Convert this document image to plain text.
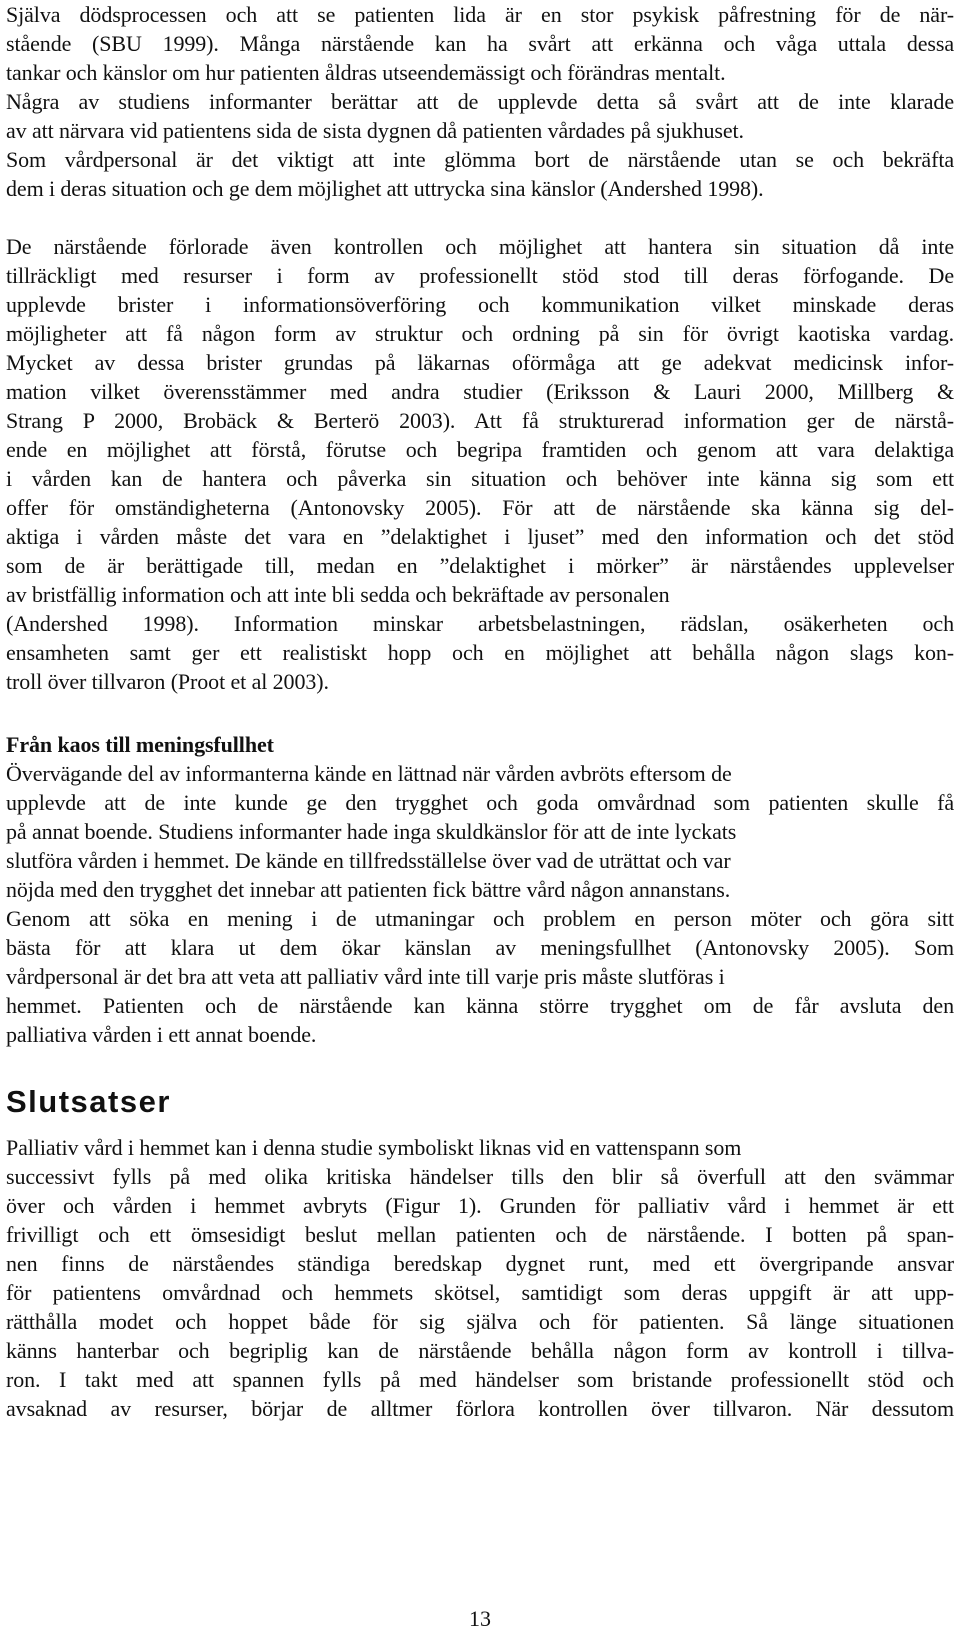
Själva dödsprocessen och att se patienten lida är en stor psykisk påfrestning för de när-
stående (SBU 1999). Många närstående kan ha svårt att erkänna och våga uttala dessa
tankar och känslor om hur patienten åldras utseendemässigt och förändras mentalt.
Några av studiens informanter berättar att de upplevde detta så svårt att de inte klarade
av att närvara vid patientens sida de sista dygnen då patienten vårdades på sjukhuset.
Som vårdpersonal är det viktigt att inte glömma bort de närstående utan se och bekräfta
dem i deras situation och ge dem möjlighet att uttrycka sina känslor (Andershed 1998).
De närstående förlorade även kontrollen och möjlighet att hantera sin situation då inte
tillräckligt med resurser i form av professionellt stöd stod till deras förfogande. De
upplevde brister i informationsöverföring och kommunikation vilket minskade deras
möjligheter att få någon form av struktur och ordning på sin för övrigt kaotiska vardag.
Mycket av dessa brister grundas på läkarnas oförmåga att ge adekvat medicinsk infor-
mation vilket överensstämmer med andra studier (Eriksson & Lauri 2000, Millberg &
Strang P 2000, Brobäck & Berterö 2003). Att få strukturerad information ger de närstå-
ende en möjlighet att förstå, förutse och begripa framtiden och genom att vara delaktiga
i vården kan de hantera och påverka sin situation och behöver inte känna sig som ett
offer för omständigheterna (Antonovsky 2005). För att de närstående ska känna sig del-
aktiga i vården måste det vara en ”delaktighet i ljuset” med den information och det stöd
som de är berättigade till, medan en ”delaktighet i mörker” är närståendes upplevelser
av bristfällig information och att inte bli sedda och bekräftade av personalen
(Andershed 1998). Information minskar arbetsbelastningen, rädslan, osäkerheten och
ensamheten samt ger ett realistiskt hopp och en möjlighet att behålla någon slags kon-
troll över tillvaron (Proot et al 2003).
Från kaos till meningsfullhet
Övervägande del av informanterna kände en lättnad när vården avbröts eftersom de
upplevde att de inte kunde ge den trygghet och goda omvårdnad som patienten skulle få
på annat boende. Studiens informanter hade inga skuldkänslor för att de inte lyckats
slutföra vården i hemmet. De kände en tillfredsställelse över vad de uträttat och var
nöjda med den trygghet det innebar att patienten fick bättre vård någon annanstans.
Genom att söka en mening i de utmaningar och problem en person möter och göra sitt
bästa för att klara ut dem ökar känslan av meningsfullhet (Antonovsky 2005). Som
vårdpersonal är det bra att veta att palliativ vård inte till varje pris måste slutföras i
hemmet. Patienten och de närstående kan känna större trygghet om de får avsluta den
palliativa vården i ett annat boende.
Slutsatser
Palliativ vård i hemmet kan i denna studie symboliskt liknas vid en vattenspann som
successivt fylls på med olika kritiska händelser tills den blir så överfull att den svämmar
över och vården i hemmet avbryts (Figur 1). Grunden för palliativ vård i hemmet är ett
frivilligt och ett ömsesidigt beslut mellan patienten och de närstående. I botten på span-
nen finns de närståendes ständiga beredskap dygnet runt, med ett övergripande ansvar
för patientens omvårdnad och hemmets skötsel, samtidigt som deras uppgift är att upp-
rätthålla modet och hoppet både för sig själva och för patienten. Så länge situationen
känns hanterbar och begriplig kan de närstående behålla någon form av kontroll i tillva-
ron. I takt med att spannen fylls på med händelser som bristande professionellt stöd och
avsaknad av resurser, börjar de alltmer förlora kontrollen över tillvaron. När dessutom
13
